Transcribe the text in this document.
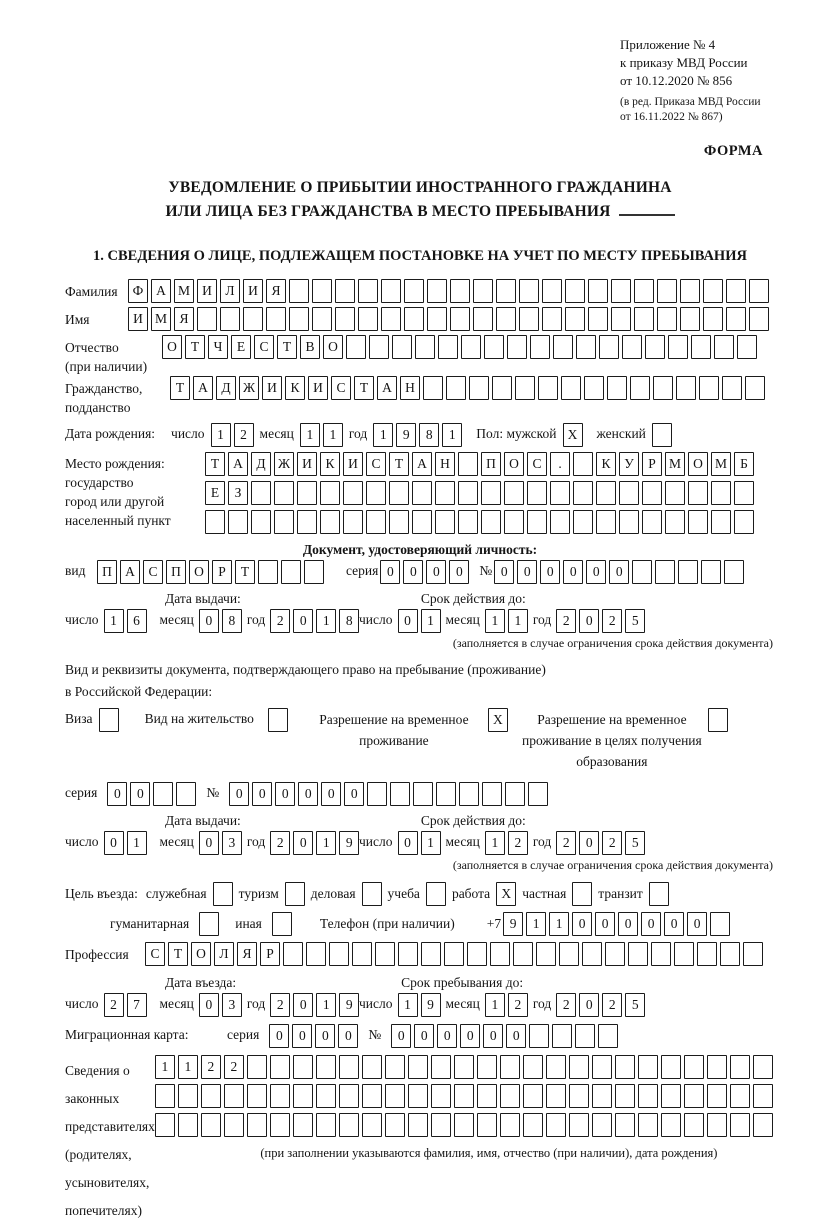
Приложение № 4
к приказу МВД России
от 10.12.2020 № 856
(в ред. Приказа МВД России
от 16.11.2022 № 867)
ФОРМА
УВЕДОМЛЕНИЕ О ПРИБЫТИИ ИНОСТРАННОГО ГРАЖДАНИНА
ИЛИ ЛИЦА БЕЗ ГРАЖДАНСТВА В МЕСТО ПРЕБЫВАНИЯ
1. СВЕДЕНИЯ О ЛИЦЕ, ПОДЛЕЖАЩЕМ ПОСТАНОВКЕ НА УЧЕТ ПО МЕСТУ ПРЕБЫВАНИЯ
Фамилия	Ф А М И	Л	И	Я
Имя	И М Я
Отчество
(при наличии)
О	Т	Ч	Е	С	Т	В	О
Гражданство,
подданство
Т	А	Д Ж И	К	И	С	Т	А Н
Дата рождения: число 1	2 месяц 1	1 год 1	9	8	1	Пол: мужской X	женский
Место рождения:
государство
город или другой
населенный пункт
Т	А	Д Ж И	К	И	С	Т	А Н	П О	С	.	К	У	Р М О М Б
Е	З
Документ, удостоверяющий личность:
вид	П А	С	П О	Р	Т	серия 0	0	0	0	№ 0	0	0	0	0	0
Дата выдачи:	Срок действия до:
число 1	6	месяц 0	8 год 2	0	1	8 число 0	1 месяц 1	1 год 2	0	2	5
(заполняется в случае ограничения срока действия документа)
Вид и реквизиты документа, подтверждающего право на пребывание (проживание)
в Российской Федерации:
Виза	Вид на жительство	Разрешение на временное проживание
X	Разрешение на временное проживание в целях получения образования
серия	0	0	№	0	0	0	0	0	0
Дата выдачи:	Срок действия до:
число 0	1	месяц 0	3 год 2	0	1	9 число 0	1 месяц 1	2 год 2	0	2	5
(заполняется в случае ограничения срока действия документа)
Цель въезда: служебная туризм деловая учеба работа X частная транзит
гуманитарная	иная	Телефон (при наличии) +7 9	1	1	0	0	0	0	0	0
Профессия	С	Т	О	Л	Я	Р
Дата въезда:	Срок пребывания до:
число 2	7	месяц 0	3 год 2	0	1	9 число 1	9 месяц 1	2 год 2	0	2	5
Миграционная карта:	серия	0	0	0	0	№	0	0	0	0	0	0
Сведения о
законных
представителях
(родителях,
усыновителях,
попечителях)
1	1	2	2
(при заполнении указываются фамилия, имя, отчество (при наличии), дата рождения)
